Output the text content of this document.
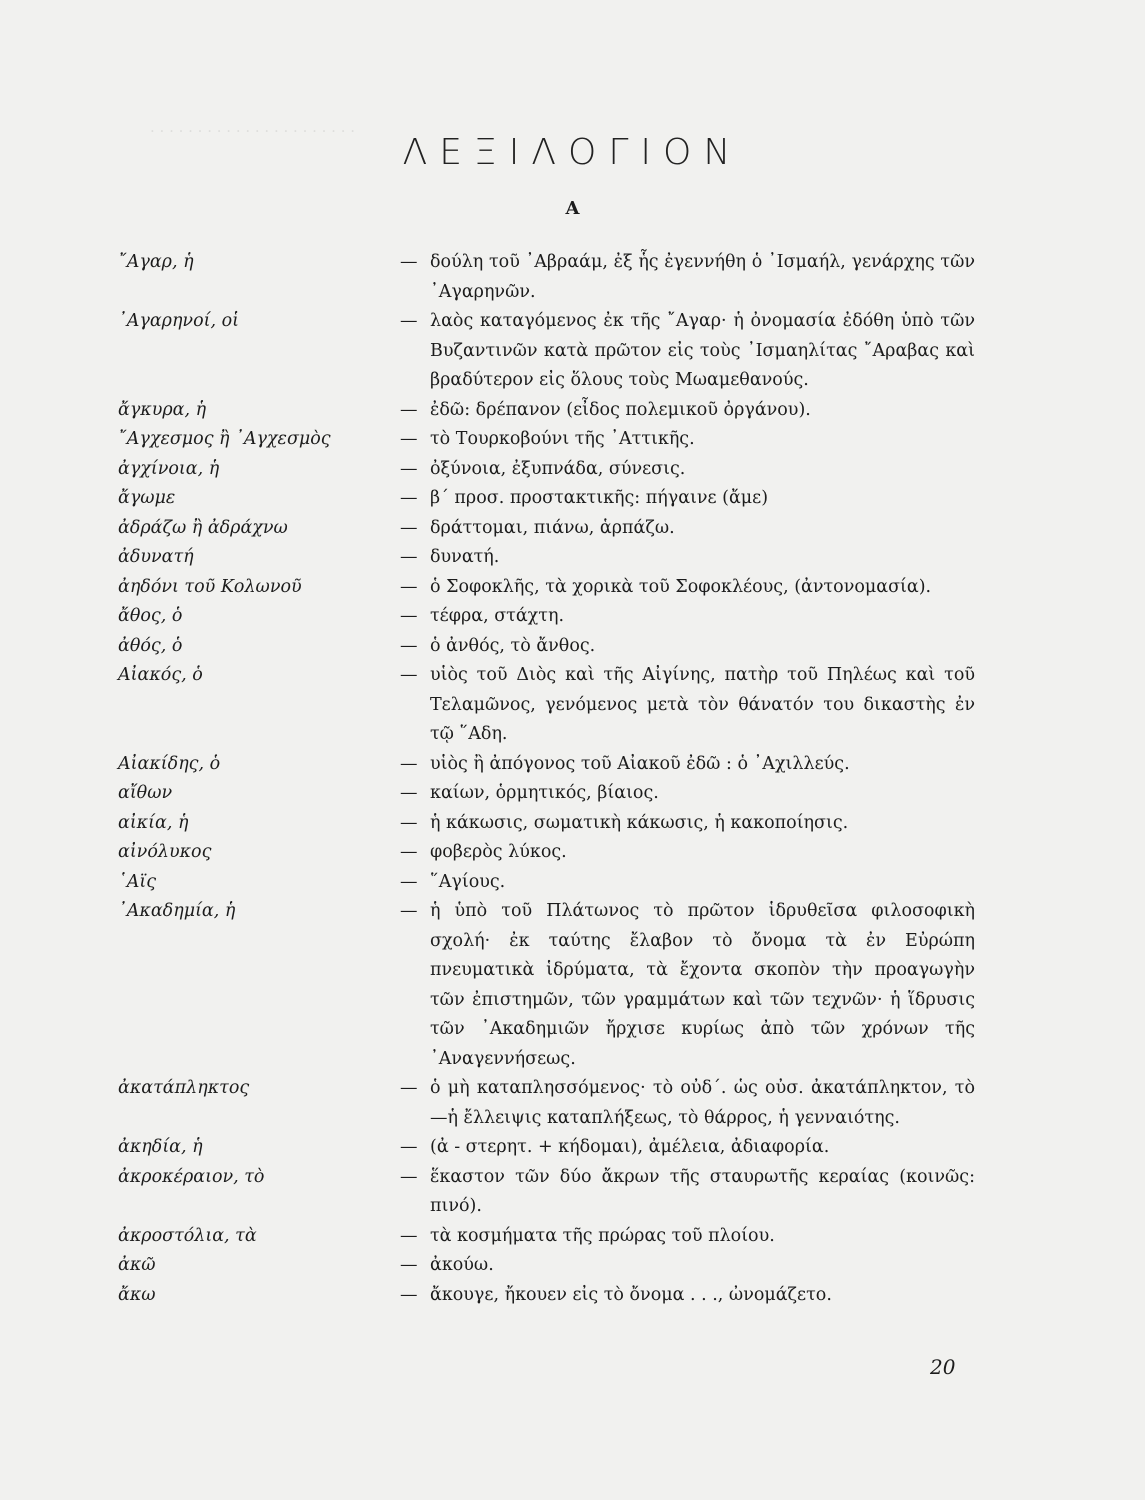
. . . . . . . . . . . . . . . . . . . . . .
ΛΕΞΙΛΟΓΙΟΝ
Α
῎Αγαρ, ἡ	— δούλη τοῦ ᾿Αβραάμ, ἐξ ἧς ἐγεννήθη ὁ ᾿Ισμαήλ, γενάρχης τῶν ᾿Αγαρηνῶν.
᾿Αγαρηνοί, οἱ	— λαὸς καταγόμενος ἐκ τῆς ῎Αγαρ· ἡ ὀνομασία ἐδόθη ὑπὸ τῶν Βυζαντινῶν κατὰ πρῶτον εἰς τοὺς ᾿Ισμαηλίτας ῎Αραβας καὶ βραδύτερον εἰς ὅλους τοὺς Μωαμεθανούς.
ἄγκυρα, ἡ	— ἐδῶ: δρέπανον (εἶδος πολεμικοῦ ὀργάνου).
῎Αγχεσμος ἢ ᾿Αγχεσμὸς	— τὸ Τουρκοβούνι τῆς ᾿Αττικῆς.
ἀγχίνοια, ἡ	— ὀξύνοια, ἐξυπνάδα, σύνεσις.
ἄγωμε	— β΄ προσ. προστακτικῆς: πήγαινε (ἄμε)
ἀδράζω ἢ ἀδράχνω	— δράττομαι, πιάνω, ἁρπάζω.
ἀδυνατή	— δυνατή.
ἀηδόνι τοῦ Κολωνοῦ	— ὁ Σοφοκλῆς, τὰ χορικὰ τοῦ Σοφοκλέους, (ἀντονομασία).
ἄθος, ὁ	— τέφρα, στάχτη.
ἀθός, ὁ	— ὁ ἀνθός, τὸ ἄνθος.
Αἰακός, ὁ	— υἱὸς τοῦ Διὸς καὶ τῆς Αἰγίνης, πατὴρ τοῦ Πηλέως καὶ τοῦ Τελαμῶνος, γενόμενος μετὰ τὸν θάνατόν του δικαστὴς ἐν τῷ ῞Αδη.
Αἰακίδης, ὁ	— υἱὸς ἢ ἀπόγονος τοῦ Αἰακοῦ ἐδῶ : ὁ ᾿Αχιλλεύς.
αἴθων	— καίων, ὁρμητικός, βίαιος.
αἰκία, ἡ	— ἡ κάκωσις, σωματικὴ κάκωσις, ἡ κακοποίησις.
αἰνόλυκος	— φοβερὸς λύκος.
῾Αϊς	— ῞Αγίους.
᾿Ακαδημία, ἡ	— ἡ ὑπὸ τοῦ Πλάτωνος τὸ πρῶτον ἱδρυθεῖσα φιλοσοφικὴ σχολή· ἐκ ταύτης ἔλαβον τὸ ὄνομα τὰ ἐν Εὐρώπη πνευματικὰ ἱδρύματα, τὰ ἔχοντα σκοπὸν τὴν προαγωγὴν τῶν ἐπιστημῶν, τῶν γραμμάτων καὶ τῶν τεχνῶν· ἡ ἵδρυσις τῶν ᾿Ακαδημιῶν ἤρχισε κυρίως ἀπὸ τῶν χρόνων τῆς ᾿Αναγεννήσεως.
ἀκατάπληκτος	— ὁ μὴ καταπλησσόμενος· τὸ οὐδ΄. ὡς οὐσ. ἀκατάπληκτον, τὸ—ἡ ἔλλειψις καταπλήξεως, τὸ θάρρος, ἡ γενναιότης.
ἀκηδία, ἡ	— (ἀ - στερητ. + κήδομαι), ἀμέλεια, ἀδιαφορία.
ἀκροκέραιον, τὸ	— ἕκαστον τῶν δύο ἄκρων τῆς σταυρωτῆς κεραίας (κοινῶς: πινό).
ἀκροστόλια, τὰ	— τὰ κοσμήματα τῆς πρώρας τοῦ πλοίου.
ἀκῶ	— ἀκούω.
ἄκω	— ἄκουγε, ἤκουεν εἰς τὸ ὄνομα . . ., ὠνομάζετο.
20
